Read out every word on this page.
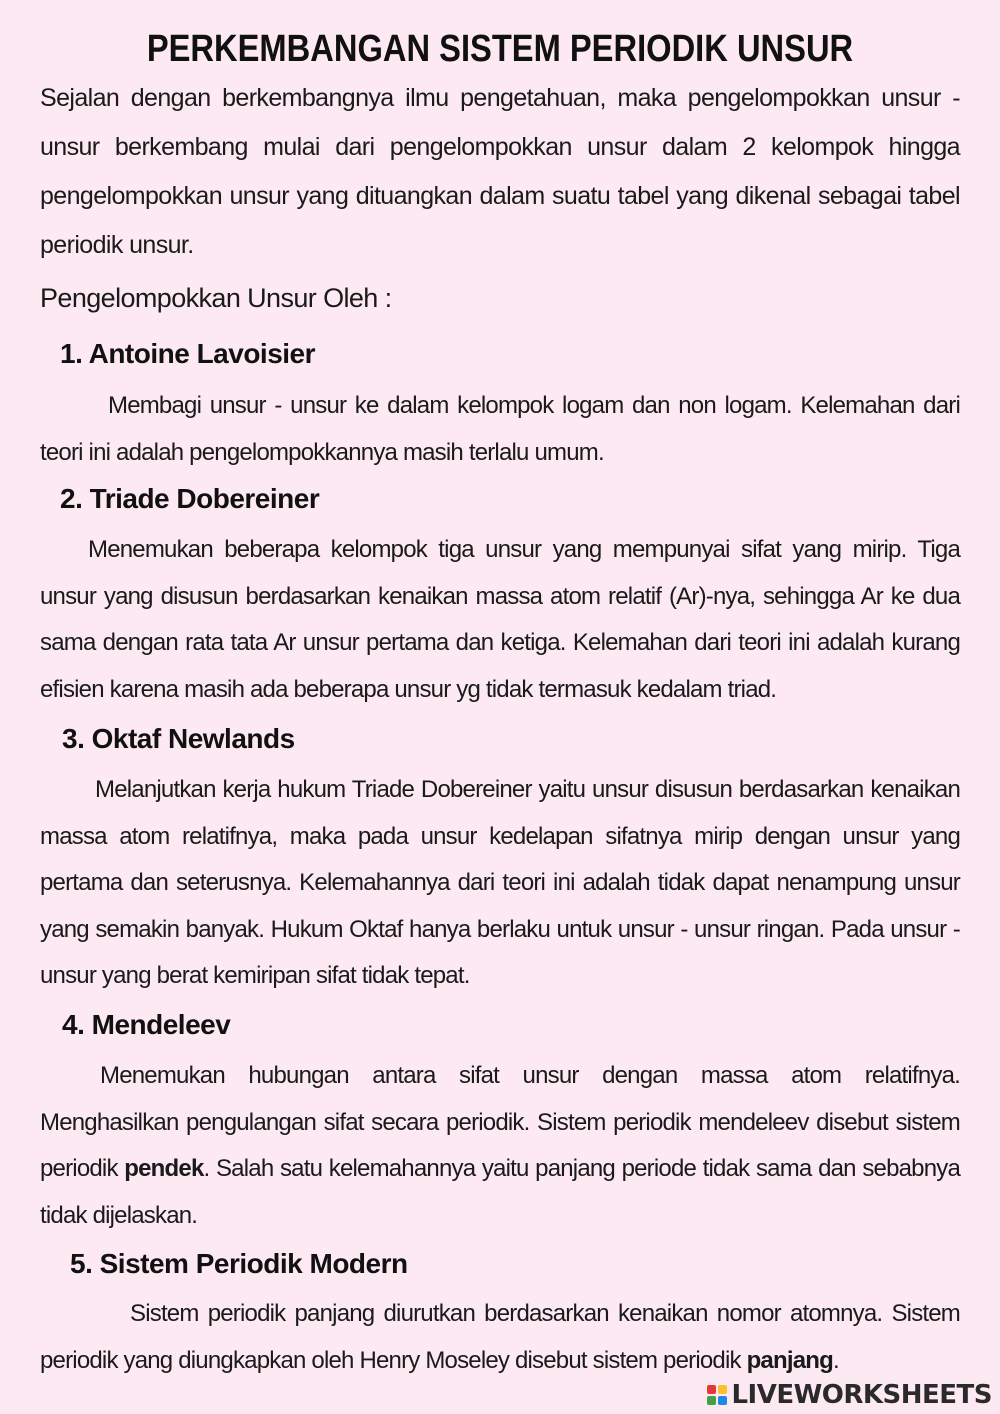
PERKEMBANGAN SISTEM PERIODIK UNSUR

Sejalan dengan berkembangnya ilmu pengetahuan, maka pengelompokkan unsur - unsur berkembang mulai dari pengelompokkan unsur dalam 2 kelompok hingga pengelompokkan unsur yang dituangkan dalam suatu tabel yang dikenal sebagai tabel periodik unsur.

Pengelompokkan Unsur Oleh :

1. Antoine Lavoisier

Membagi unsur - unsur ke dalam kelompok logam dan non logam. Kelemahan dari teori ini adalah pengelompokkannya masih terlalu umum.

2. Triade Dobereiner

Menemukan beberapa kelompok tiga unsur yang mempunyai sifat yang mirip. Tiga unsur yang disusun berdasarkan kenaikan massa atom relatif (Ar)-nya, sehingga Ar ke dua sama dengan rata tata Ar unsur pertama dan ketiga. Kelemahan dari teori ini adalah kurang efisien karena masih ada beberapa unsur yg tidak termasuk kedalam triad.

3. Oktaf Newlands

Melanjutkan kerja hukum Triade Dobereiner yaitu unsur disusun berdasarkan kenaikan massa atom relatifnya, maka pada unsur kedelapan sifatnya mirip dengan unsur yang pertama dan seterusnya. Kelemahannya dari teori ini adalah tidak dapat nenampung unsur yang semakin banyak. Hukum Oktaf hanya berlaku untuk unsur - unsur ringan. Pada unsur - unsur yang berat kemiripan sifat tidak tepat.

4. Mendeleev

Menemukan hubungan antara sifat unsur dengan massa atom relatifnya. Menghasilkan pengulangan sifat secara periodik. Sistem periodik mendeleev disebut sistem periodik pendek. Salah satu kelemahannya yaitu panjang periode tidak sama dan sebabnya tidak dijelaskan.

5. Sistem Periodik Modern

Sistem periodik panjang diurutkan berdasarkan kenaikan nomor atomnya. Sistem periodik yang diungkapkan oleh Henry Moseley disebut sistem periodik panjang.

LIVEWORKSHEETS
